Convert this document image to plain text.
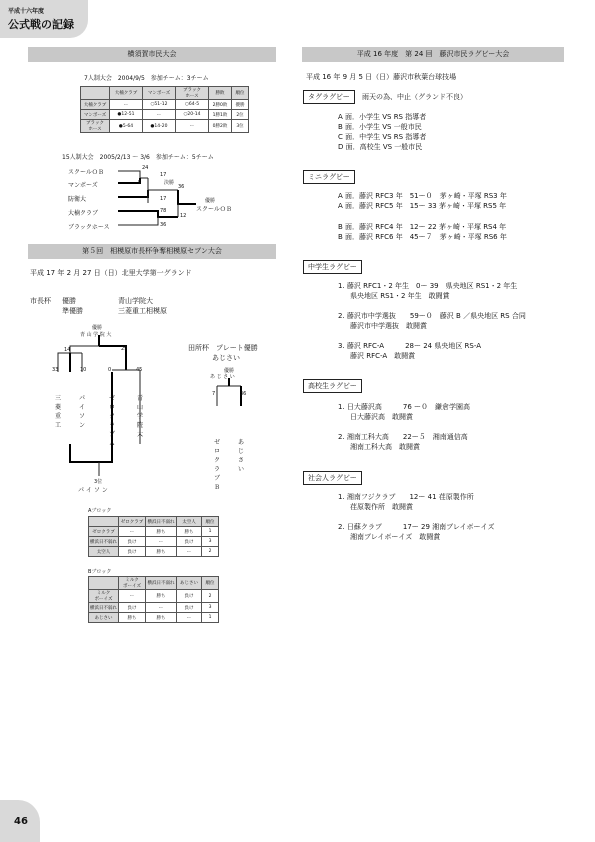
平成十六年度
公式戦の記録
横須賀市民大会
7人制大会　2004/9/5　参加チーム：3チーム
	大楠クラブ	マンボーズ	ブラック
ホース	勝敗	順位
大楠クラブ	ー	○51-12	○64-5	2勝0敗	優勝
マンボーズ	●12-51	ー	○20-14	1勝1敗	2位
ブラック
ホース	●5-64	●14-20	ー	0勝2敗	3位
15人制大会　2005/2/13 ～ 3/6　参加チーム：5チーム
スクールＯＢ
マンボーズ
防衛大
大楠クラブ
ブラックホース
24
17
5
36
17
78
12
36
決勝
優勝
スクールＯＢ
第５回　相模原市長杯争奪相模原セブン大会
平成 17 年 2 月 27 日（日）北里大学第一グランド
市長杯 優勝	青山学院大
準優勝	三菱重工相模原
優勝
青 山 学 院 大
14	29
33	10	0	45
三菱重工
パイソン
ゼロクラブＡ
青山学院大
3位
パ イ ソ ン
田所杯　プレート優勝
あじさい
優勝
あ じ さ い
7	36
ゼロクラブＢ
あじさい
Aブロック
	ゼロクラブ	横浜日不弱れ	太空人	順位
ゼロクラブ	ー	勝ち	勝ち	1
横浜日不弱れ	負け	ー	負け	3
太空人	負け	勝ち	ー	2
Bブロック
	ミルク
ボーイズ	横浜日不弱れ	あじさい	順位
ミルク
ボーイズ	ー	勝ち	負け	2
横浜日不弱れ	負け	ー	負け	3
あじさい	勝ち	勝ち	ー	1
平成 16 年度　第 24 回　藤沢市民ラグビー大会
平成 16 年 9 月 5 日（日）藤沢市秋葉台球技場
タグラグビー	雨天の為、中止（グランド不良）
A 面．小学生 VS RS 指導者
B 面．小学生 VS 一般市民
C 面．中学生 VS RS 指導者
D 面．高校生 VS 一般市民
ミニラグビー
A 面．藤沢 RFC3 年　51ー０　茅ヶ崎・平塚 RS3 年
A 面．藤沢 RFC5 年　15ー 33 茅ヶ崎・平塚 RS5 年
B 面．藤沢 RFC4 年　12ー 22 茅ヶ崎・平塚 RS4 年
B 面．藤沢 RFC6 年　45ー７　茅ヶ崎・平塚 RS6 年
中学生ラグビー
1. 藤沢 RFC1・2 年生　0ー 39　県央地区 RS1・2 年生
県央地区 RS1・2 年生　敢闘賞
2. 藤沢市中学選抜　　59ー０　藤沢 B ／県央地区 RS 合同
藤沢市中学選抜　敢闘賞
3. 藤沢 RFC-A　　　28ー 24 県央地区 RS-A
藤沢 RFC-A　敢闘賞
高校生ラグビー
1. 日大藤沢高　　　76 ー０　鎌倉学園高
日大藤沢高　敢闘賞
2. 湘南工科大高　　22ー５　湘南通信高
湘南工科大高　敢闘賞
社会人ラグビー
1. 湘南フジクラブ　　12ー 41 荏原製作所
荏原製作所　敢闘賞
2. 日蘇クラブ　　　17ー 29 湘南ブレイボーイズ
湘南ブレイボーイズ　敢闘賞
46
